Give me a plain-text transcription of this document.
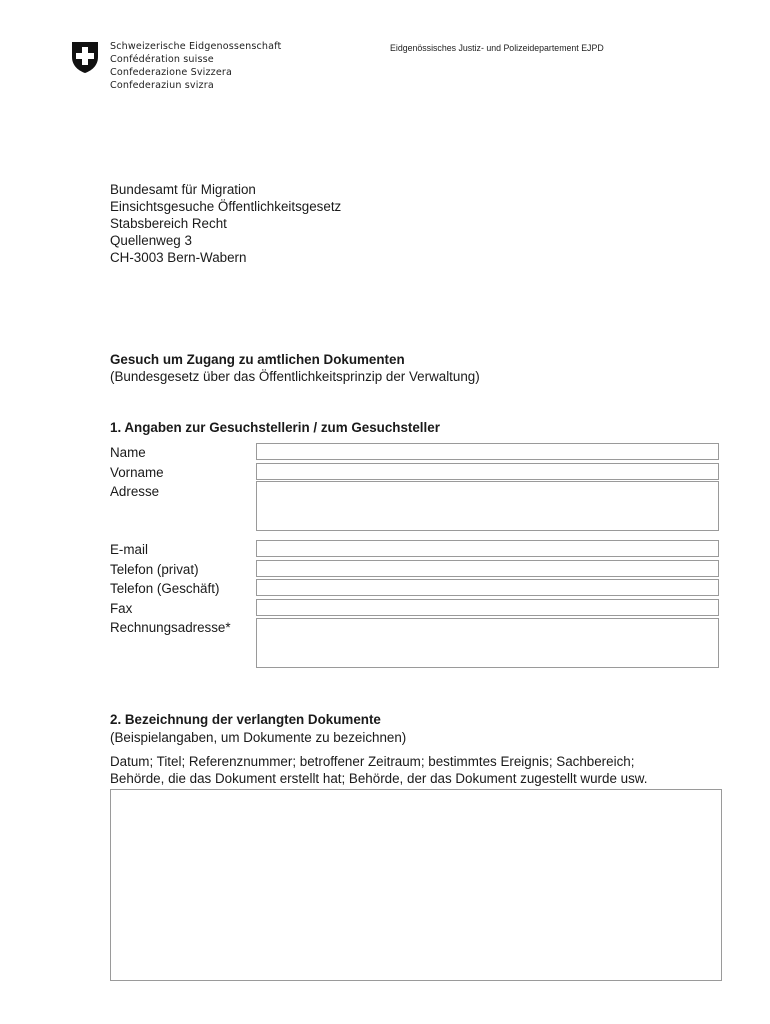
Schweizerische Eidgenossenschaft
Confédération suisse
Confederazione Svizzera
Confederaziun svizra
Eidgenössisches Justiz- und Polizeidepartement EJPD
Bundesamt für Migration
Einsichtsgesuche Öffentlichkeitsgesetz
Stabsbereich Recht
Quellenweg 3
CH-3003 Bern-Wabern
Gesuch um Zugang zu amtlichen Dokumenten
(Bundesgesetz über das Öffentlichkeitsprinzip der Verwaltung)
1. Angaben zur Gesuchstellerin / zum Gesuchsteller
Name
Vorname
Adresse
E-mail
Telefon (privat)
Telefon (Geschäft)
Fax
Rechnungsadresse*
2. Bezeichnung der verlangten Dokumente
(Beispielangaben, um Dokumente zu bezeichnen)
Datum; Titel; Referenznummer; betroffener Zeitraum; bestimmtes Ereignis; Sachbereich;
Behörde, die das Dokument erstellt hat; Behörde, der das Dokument zugestellt wurde usw.
